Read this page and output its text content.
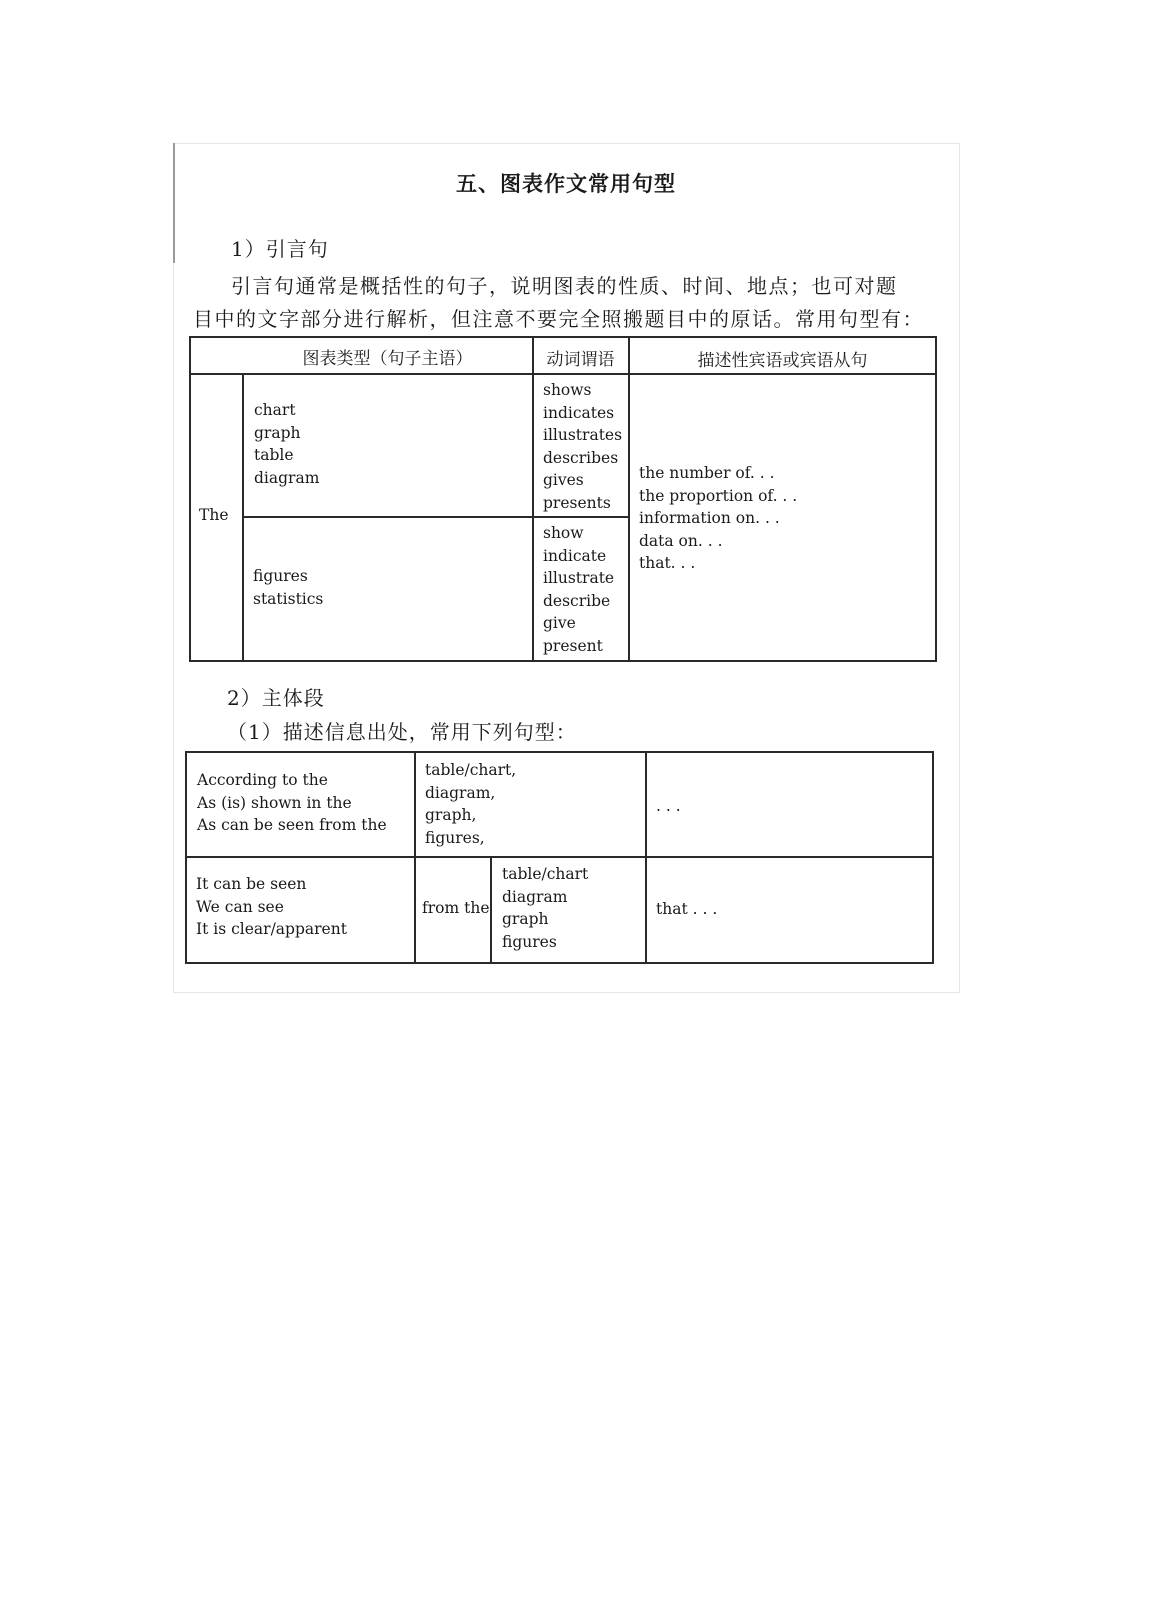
五、图表作文常用句型
1）引言句
引言句通常是概括性的句子，说明图表的性质、时间、地点；也可对题
目中的文字部分进行解析，但注意不要完全照搬题目中的原话。常用句型有：
图表类型（句子主语）	动词谓语	描述性宾语或宾语从句
The
chart
graph
table
diagram
shows
indicates
illustrates
describes
gives
presents
figures
statistics
show
indicate
illustrate
describe
give
present
the number of. . .
the proportion of. . .
information on. . .
data on. . .
that. . .
2）主体段
（1）描述信息出处，常用下列句型：
According to the
As (is) shown in the
As can be seen from the
table/chart,
diagram,
graph,
figures,
. . .
It can be seen
We can see
It is clear/apparent
from the
table/chart
diagram
graph
figures
that . . .
